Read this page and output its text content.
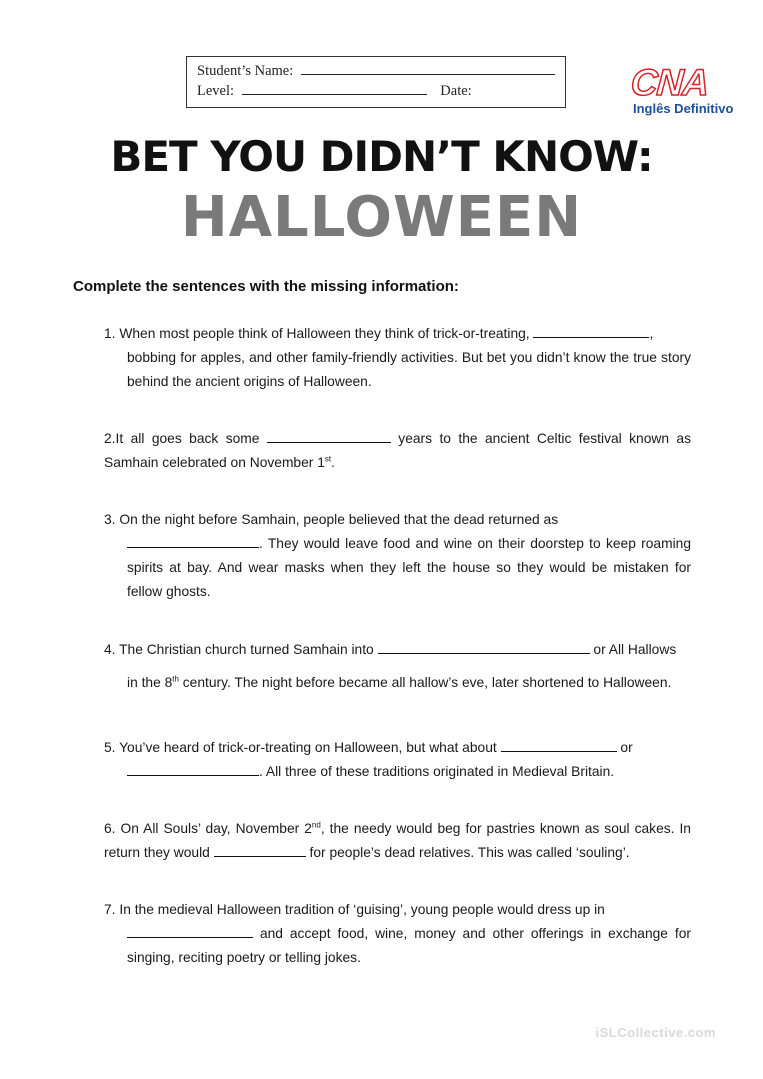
Student’s Name:
Level:	Date:	CNA
Inglês Definitivo
BET YOU DIDN’T KNOW:
HALLOWEEN
Complete the sentences with the missing information:
1. When most people think of Halloween they think of trick-or-treating,	,
bobbing for apples, and other family-friendly activities. But bet you didn’t know the true story behind the ancient origins of Halloween.
2.It all goes back some	years to the ancient Celtic festival known as Samhain celebrated on November 1st.
3. On the night before Samhain, people believed that the dead returned as
. They would leave food and wine on their doorstep to keep roaming spirits at bay. And wear masks when they left the house so they would be mistaken for fellow ghosts.
4. The Christian church turned Samhain into	or All Hallows
in the 8th century. The night before became all hallow’s eve, later shortened to Halloween.
5. You’ve heard of trick-or-treating on Halloween, but what about	or
. All three of these traditions originated in Medieval Britain.
6. On All Souls’ day, November 2nd, the needy would beg for pastries known as soul cakes. In return they would	for people’s dead relatives. This was called ‘souling’.
7. In the medieval Halloween tradition of ‘guising’, young people would dress up in
and accept food, wine, money and other offerings in exchange for singing, reciting poetry or telling jokes.
iSLCollective.com
